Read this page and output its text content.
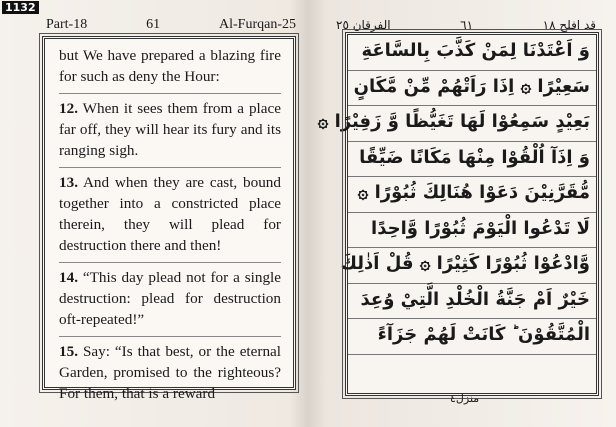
1132
Part-18	61	Al-Furqan-25	الفرقان ٢٥	٦١	قد افلح ١٨
but We have prepared a blazing fire for such as deny the Hour:
12. When it sees them from a place far off, they will hear its fury and its ranging sigh.
13. And when they are cast, bound together into a constricted place therein, they will plead for destruction there and then!
14. “This day plead not for a single destruction: plead for destruction oft-repeated!”
15. Say: “Is that best, or the eternal Garden, promised to the righteous? For them, that is a reward
وَ اَعْتَدْنَا لِمَنْ كَذَّبَ بِالسَّاعَةِ
سَعِيْرًا ۞ اِذَا رَاَتْهُمْ مِّنْ مَّكَانٍ
بَعِيْدٍ سَمِعُوْا لَهَا تَغَيُّظًا وَّ زَفِيْرًا ۞
وَ اِذَآ اُلْقُوْا مِنْهَا مَكَانًا ضَيِّقًا
مُّقَرَّنِيْنَ دَعَوْا هُنَالِكَ ثُبُوْرًا ۞
لَا تَدْعُوا الْيَوْمَ ثُبُوْرًا وَّاحِدًا
وَّادْعُوْا ثُبُوْرًا كَثِيْرًا ۞ قُلْ اَذٰلِكَ
خَيْرٌ اَمْ جَنَّةُ الْخُلْدِ الَّتِيْ وُعِدَ
الْمُتَّقُوْنَ ؕ كَانَتْ لَهُمْ جَزَآءً
منزل٤
